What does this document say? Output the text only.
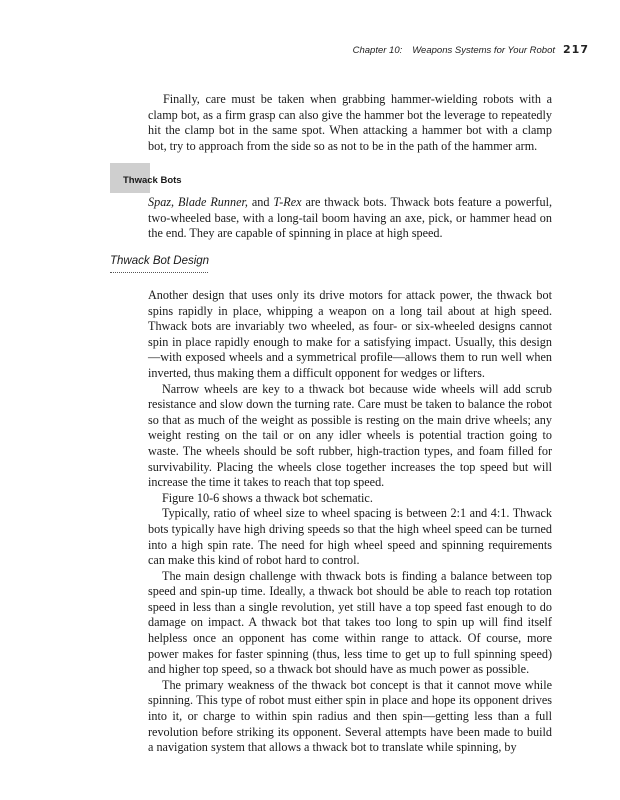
Chapter 10: Weapons Systems for Your Robot 217

Finally, care must be taken when grabbing hammer-wielding robots with a clamp bot, as a firm grasp can also give the hammer bot the leverage to repeatedly hit the clamp bot in the same spot. When attacking a hammer bot with a clamp bot, try to approach from the side so as not to be in the path of the hammer arm.

Thwack Bots

Spaz, Blade Runner, and T-Rex are thwack bots. Thwack bots feature a powerful, two-wheeled base, with a long-tail boom having an axe, pick, or hammer head on the end. They are capable of spinning in place at high speed.

Thwack Bot Design

Another design that uses only its drive motors for attack power, the thwack bot spins rapidly in place, whipping a weapon on a long tail about at high speed. Thwack bots are invariably two wheeled, as four- or six-wheeled designs cannot spin in place rapidly enough to make for a satisfying impact. Usually, this design—with exposed wheels and a symmetrical profile—allows them to run well when inverted, thus making them a difficult opponent for wedges or lifters.

Narrow wheels are key to a thwack bot because wide wheels will add scrub resistance and slow down the turning rate. Care must be taken to balance the robot so that as much of the weight as possible is resting on the main drive wheels; any weight resting on the tail or on any idler wheels is potential traction going to waste. The wheels should be soft rubber, high-traction types, and foam filled for survivability. Placing the wheels close together increases the top speed but will increase the time it takes to reach that top speed.

Figure 10-6 shows a thwack bot schematic.

Typically, ratio of wheel size to wheel spacing is between 2:1 and 4:1. Thwack bots typically have high driving speeds so that the high wheel speed can be turned into a high spin rate. The need for high wheel speed and spinning requirements can make this kind of robot hard to control.

The main design challenge with thwack bots is finding a balance between top speed and spin-up time. Ideally, a thwack bot should be able to reach top rotation speed in less than a single revolution, yet still have a top speed fast enough to do damage on impact. A thwack bot that takes too long to spin up will find itself helpless once an opponent has come within range to attack. Of course, more power makes for faster spinning (thus, less time to get up to full spinning speed) and higher top speed, so a thwack bot should have as much power as possible.

The primary weakness of the thwack bot concept is that it cannot move while spinning. This type of robot must either spin in place and hope its opponent drives into it, or charge to within spin radius and then spin—getting less than a full revolution before striking its opponent. Several attempts have been made to build a navigation system that allows a thwack bot to translate while spinning, by
